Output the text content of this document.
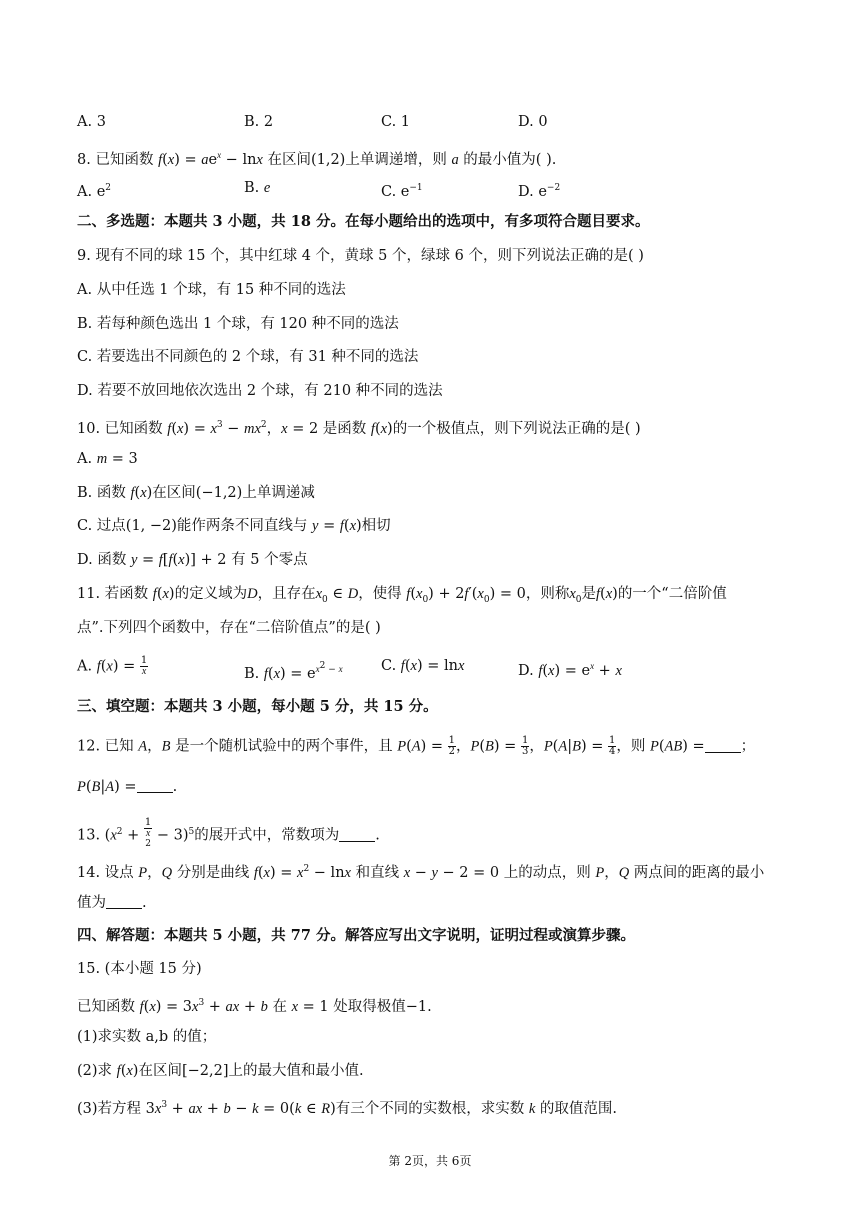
A. 3	B. 2	C. 1	D. 0
8. 已知函数 $f(x) = ae^x - \ln x$ 在区间(1,2)上单调递增，则 a 的最小值为( ).
A. $e^2$	B. e	C. $e^{-1}$	D. $e^{-2}$
二、多选题：本题共 3 小题，共 18 分。在每小题给出的选项中，有多项符合题目要求。
9. 现有不同的球 15 个，其中红球 4 个，黄球 5 个，绿球 6 个，则下列说法正确的是( )
A. 从中任选 1 个球，有 15 种不同的选法
B. 若每种颜色选出 1 个球，有 120 种不同的选法
C. 若要选出不同颜色的 2 个球，有 31 种不同的选法
D. 若要不放回地依次选出 2 个球，有 210 种不同的选法
10. 已知函数 $f(x) = x^3 - mx^2$，x = 2 是函数 f(x)的一个极值点，则下列说法正确的是( )
A. m = 3
B. 函数 f(x)在区间(−1,2)上单调递减
C. 过点(1, −2)能作两条不同直线与 y = f(x)相切
D. 函数 y = f[f(x)] + 2 有 5 个零点
11. 若函数 f(x)的定义域为D，且存在$x_0$ ∈ D，使得 $f(x_0) + 2f'(x_0) = 0$，则称$x_0$是f(x)的一个“二倍阶值
点”.下列四个函数中，存在“二倍阶值点”的是( )
A. $f(x) = \frac{1}{x}$	B. $f(x) = e^{x^2 - x}$	C. f(x) = lnx	D. $f(x) = e^x + x$
三、填空题：本题共 3 小题，每小题 5 分，共 15 分。
12. 已知 A，B 是一个随机试验中的两个事件，且 $P(A) = \frac{1}{2}$ ，$P(B) = \frac{1}{3}$ ，$P(A|B) = \frac{1}{4}$ ，则 P(AB) = ；
P(B|A) = .
13. ($x^2 + 1$
x
$^2$ − 3)$^5$的展开式中，常数项为 .
14. 设点 P，Q 分别是曲线 $f(x) = x^2 - \ln x$ 和直线 x − y − 2 = 0 上的动点，则 P，Q 两点间的距离的最小
值为 .
四、解答题：本题共 5 小题，共 77 分。解答应写出文字说明，证明过程或演算步骤。
15. (本小题 15 分)
已知函数 $f(x) = 3x^3$ + ax + b 在 x = 1 处取得极值−1.
(1)求实数 a,b 的值；
(2)求 f(x)在区间[−2,2]上的最大值和最小值.
(3)若方程 $3x^3$ + ax + b − k = 0(k ∈ R)有三个不同的实数根，求实数 k 的取值范围.
第 2页，共 6页
